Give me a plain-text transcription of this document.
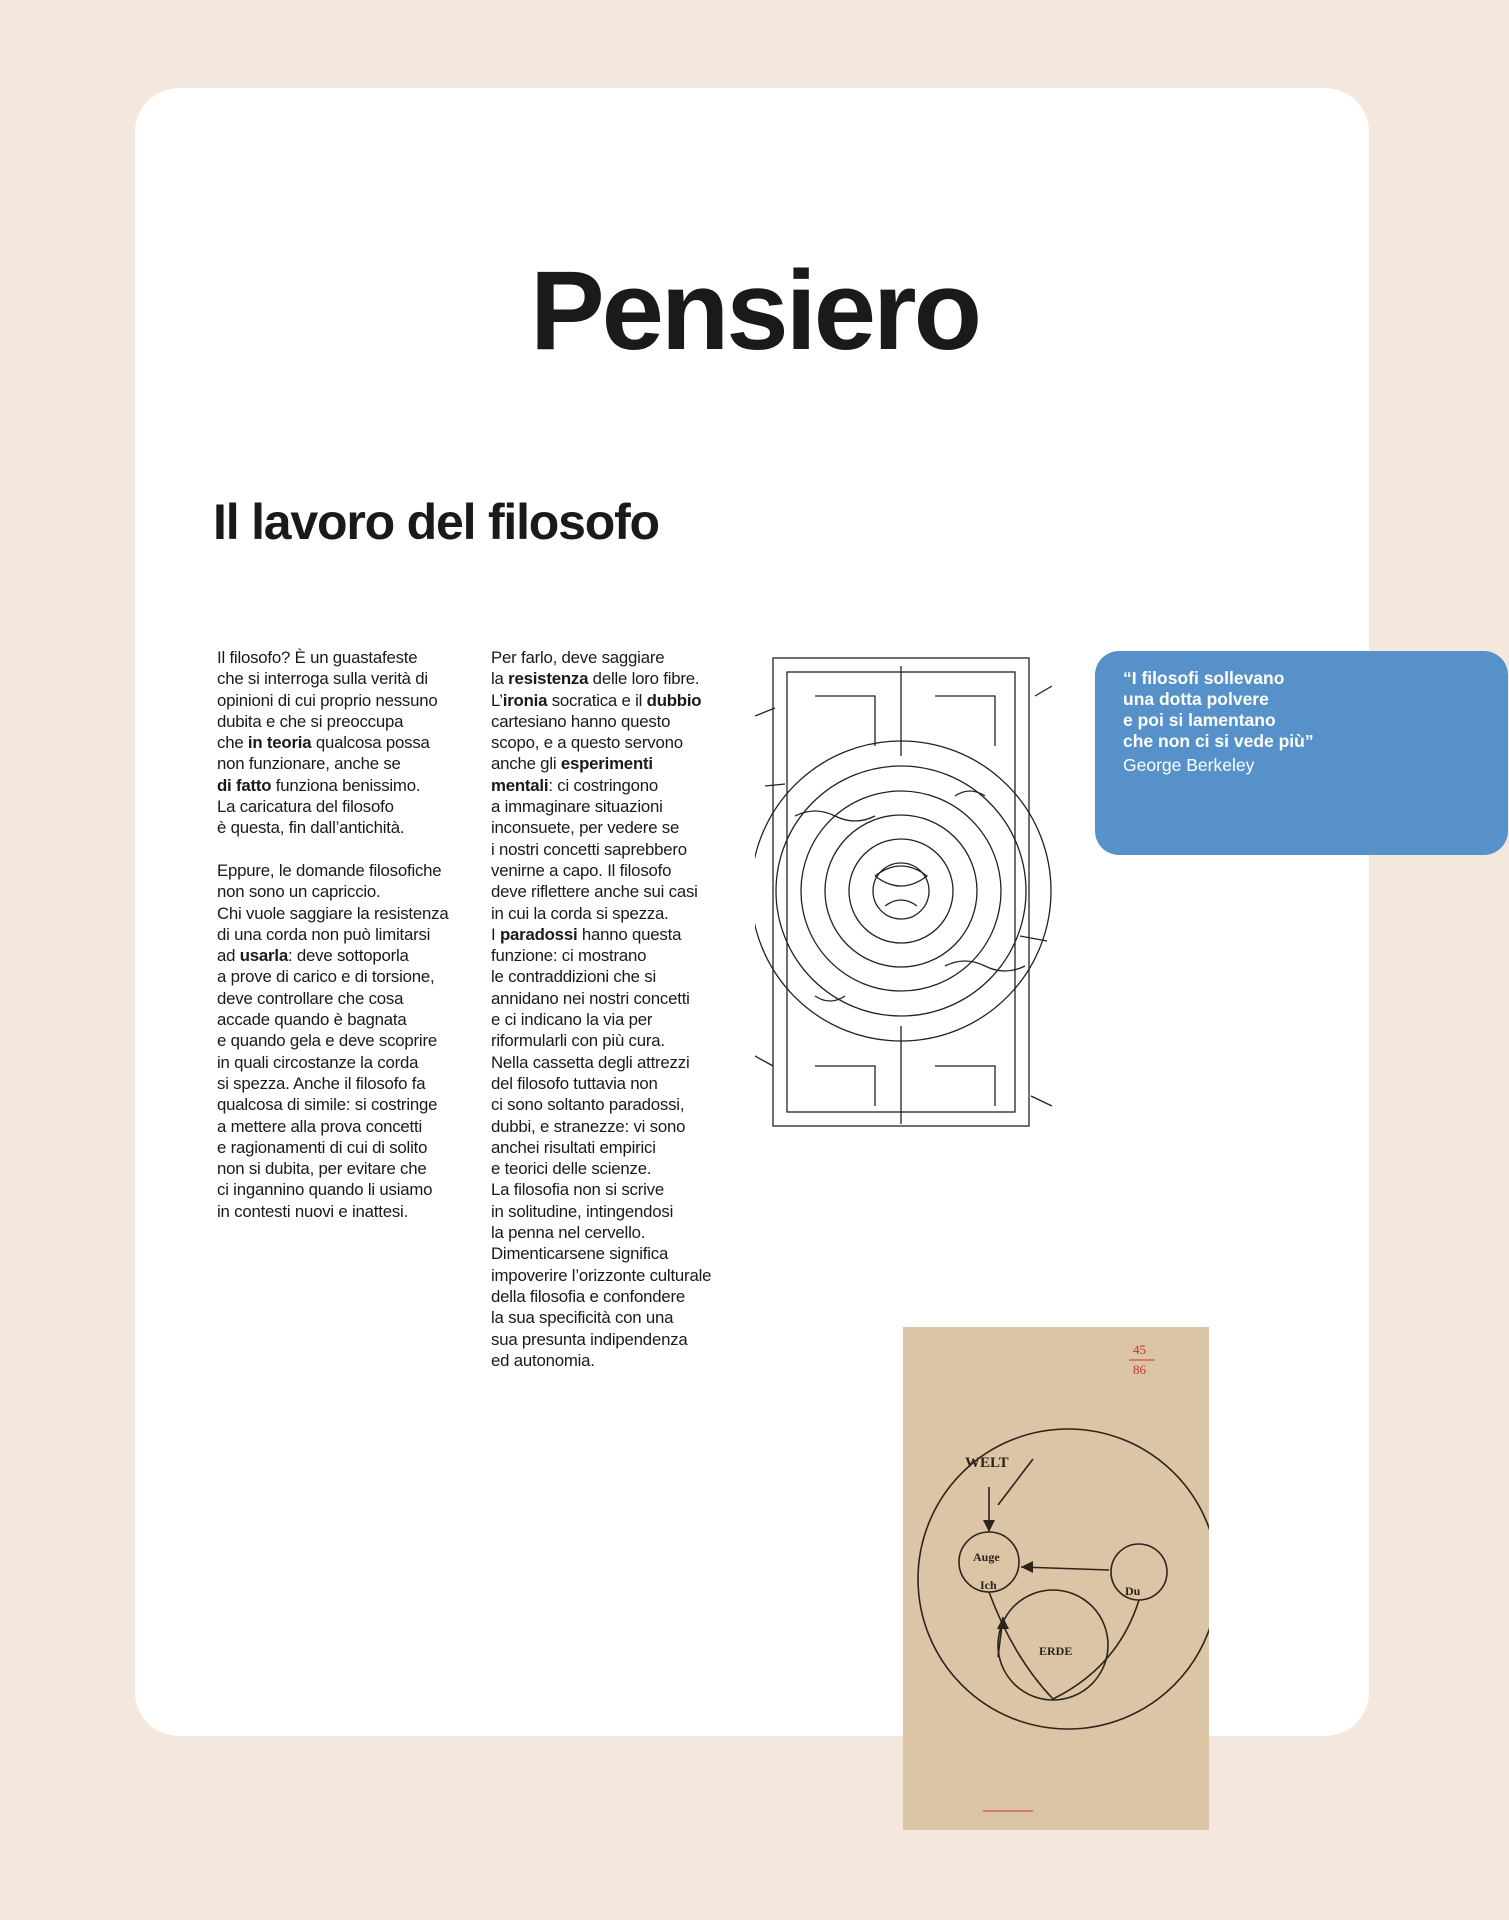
Pensiero
Il lavoro del filosofo

Il filosofo? È un guastafeste
che si interroga sulla verità di
opinioni di cui proprio nessuno
dubita e che si preoccupa
che in teoria qualcosa possa
non funzionare, anche se
di fatto funziona benissimo.
La caricatura del filosofo
è questa, fin dall’antichità.

Eppure, le domande filosofiche
non sono un capriccio.
Chi vuole saggiare la resistenza
di una corda non può limitarsi
ad usarla: deve sottoporla
a prove di carico e di torsione,
deve controllare che cosa
accade quando è bagnata
e quando gela e deve scoprire
in quali circostanze la corda
si spezza. Anche il filosofo fa
qualcosa di simile: si costringe
a mettere alla prova concetti
e ragionamenti di cui di solito
non si dubita, per evitare che
ci ingannino quando li usiamo
in contesti nuovi e inattesi.

Per farlo, deve saggiare
la resistenza delle loro fibre.
L’ironia socratica e il dubbio
cartesiano hanno questo
scopo, e a questo servono
anche gli esperimenti
mentali: ci costringono
a immaginare situazioni
inconsuete, per vedere se
i nostri concetti saprebbero
venirne a capo. Il filosofo
deve riflettere anche sui casi
in cui la corda si spezza.
I paradossi hanno questa
funzione: ci mostrano
le contraddizioni che si
annidano nei nostri concetti
e ci indicano la via per
riformularli con più cura.
Nella cassetta degli attrezzi
del filosofo tuttavia non
ci sono soltanto paradossi,
dubbi, e stranezze: vi sono
anchei risultati empirici
e teorici delle scienze.
La filosofia non si scrive
in solitudine, intingendosi
la penna nel cervello.
Dimenticarsene significa
impoverire l’orizzonte culturale
della filosofia e confondere
la sua specificità con una
sua presunta indipendenza
ed autonomia.

WELT
Auge
Ich	Du
ERDE
45
86
“I filosofi sollevano
una dotta polvere
e poi si lamentano
che non ci si vede più”
George Berkeley
